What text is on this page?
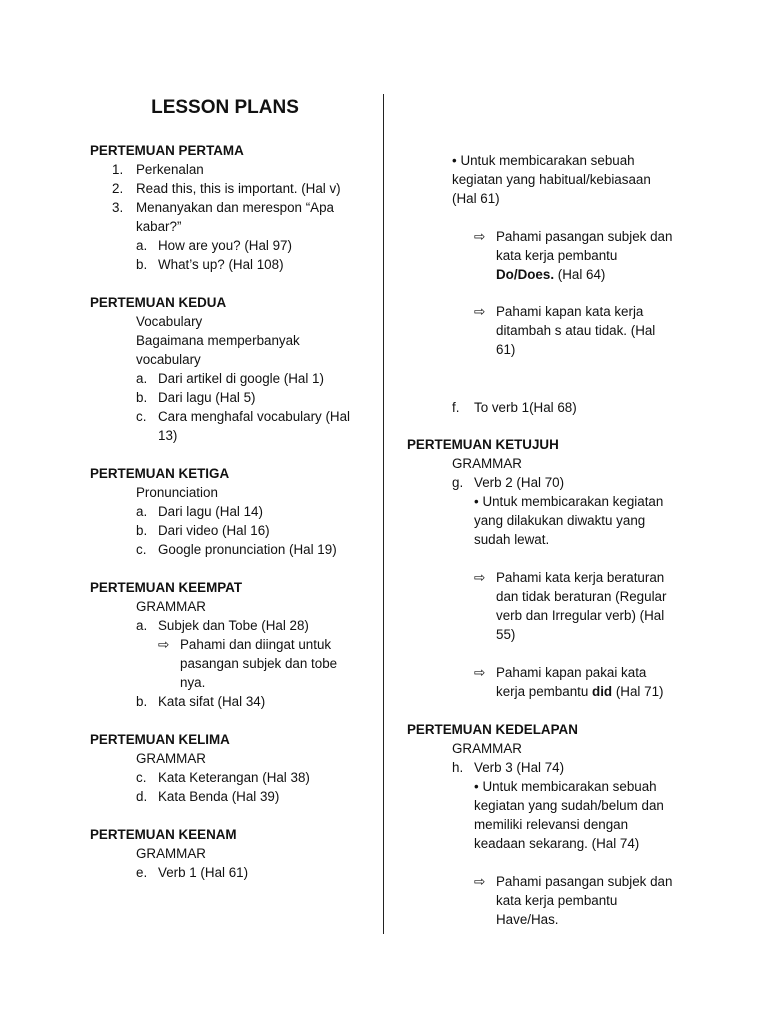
LESSON PLANS
PERTEMUAN PERTAMA
1. Perkenalan
2. Read this, this is important. (Hal v)
3. Menanyakan dan merespon “Apa
kabar?”
a. How are you? (Hal 97)
b. What’s up? (Hal 108)
PERTEMUAN KEDUA
Vocabulary
Bagaimana memperbanyak
vocabulary
a. Dari artikel di google (Hal 1)
b. Dari lagu (Hal 5)
c. Cara menghafal vocabulary (Hal
13)
PERTEMUAN KETIGA
Pronunciation
a. Dari lagu (Hal 14)
b. Dari video (Hal 16)
c. Google pronunciation (Hal 19)
PERTEMUAN KEEMPAT
GRAMMAR
a. Subjek dan Tobe (Hal 28)
⇨ Pahami dan diingat untuk
pasangan subjek dan tobe
nya.
b. Kata sifat (Hal 34)
PERTEMUAN KELIMA
GRAMMAR
c. Kata Keterangan (Hal 38)
d. Kata Benda (Hal 39)
PERTEMUAN KEENAM
GRAMMAR
e. Verb 1 (Hal 61)
• Untuk membicarakan sebuah
kegiatan yang habitual/kebiasaan
(Hal 61)
⇨ Pahami pasangan subjek dan
kata kerja pembantu
Do/Does. (Hal 64)
⇨ Pahami kapan kata kerja
ditambah s atau tidak. (Hal
61)
f.	To verb 1(Hal 68)
PERTEMUAN KETUJUH
GRAMMAR
g. Verb 2 (Hal 70)
• Untuk membicarakan kegiatan
yang dilakukan diwaktu yang
sudah lewat.
⇨ Pahami kata kerja beraturan
dan tidak beraturan (Regular
verb dan Irregular verb) (Hal
55)
⇨ Pahami kapan pakai kata
kerja pembantu did (Hal 71)
PERTEMUAN KEDELAPAN
GRAMMAR
h. Verb 3 (Hal 74)
• Untuk membicarakan sebuah
kegiatan yang sudah/belum dan
memiliki relevansi dengan
keadaan sekarang. (Hal 74)
⇨ Pahami pasangan subjek dan
kata kerja pembantu
Have/Has.
